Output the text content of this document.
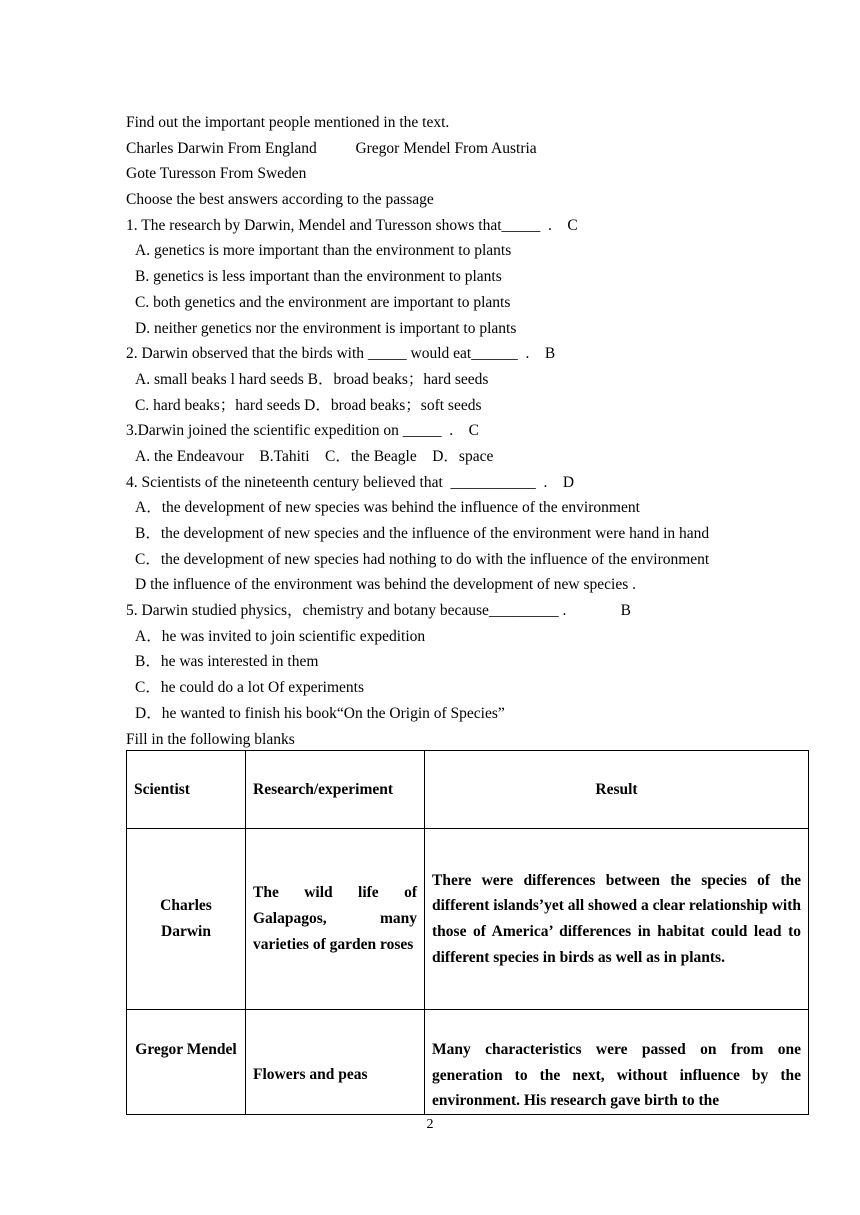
Find out the important people mentioned in the text.
Charles Darwin From England          Gregor Mendel From Austria
Gote Turesson From Sweden
Choose the best answers according to the passage
1. The research by Darwin, Mendel and Turesson shows that_____  .    C
A. genetics is more important than the environment to plants
B. genetics is less important than the environment to plants
C. both genetics and the environment are important to plants
D. neither genetics nor the environment is important to plants
2. Darwin observed that the birds with _____ would eat______  .    B
A. small beaks l hard seeds B．broad beaks；hard seeds
C. hard beaks；hard seeds D．broad beaks；soft seeds
3.Darwin joined the scientific expedition on _____  .    C
A. the Endeavour    B.Tahiti    C．the Beagle    D．space
4. Scientists of the nineteenth century believed that  ___________  .    D
A．the development of new species was behind the influence of the environment
B．the development of new species and the influence of the environment were hand in hand
C．the development of new species had nothing to do with the influence of the environment
D the influence of the environment was behind the development of new species .
5. Darwin studied physics，chemistry and botany because_________ .              B
A．he was invited to join scientific expedition
B．he was interested in them
C．he could do a lot Of experiments
D．he wanted to finish his book“On the Origin of Species”
Fill in the following blanks
Scientist	Research/experiment	Result
Charles Darwin	The wild life of Galapagos, many varieties of garden roses	There were differences between the species of the different islands’yet all showed a clear relationship with those of America’ differences in habitat could lead to different species in birds as well as in plants.
Gregor Mendel	Flowers and peas	Many characteristics were passed on from one generation to the next, without influence by the environment. His research gave birth to the
2
